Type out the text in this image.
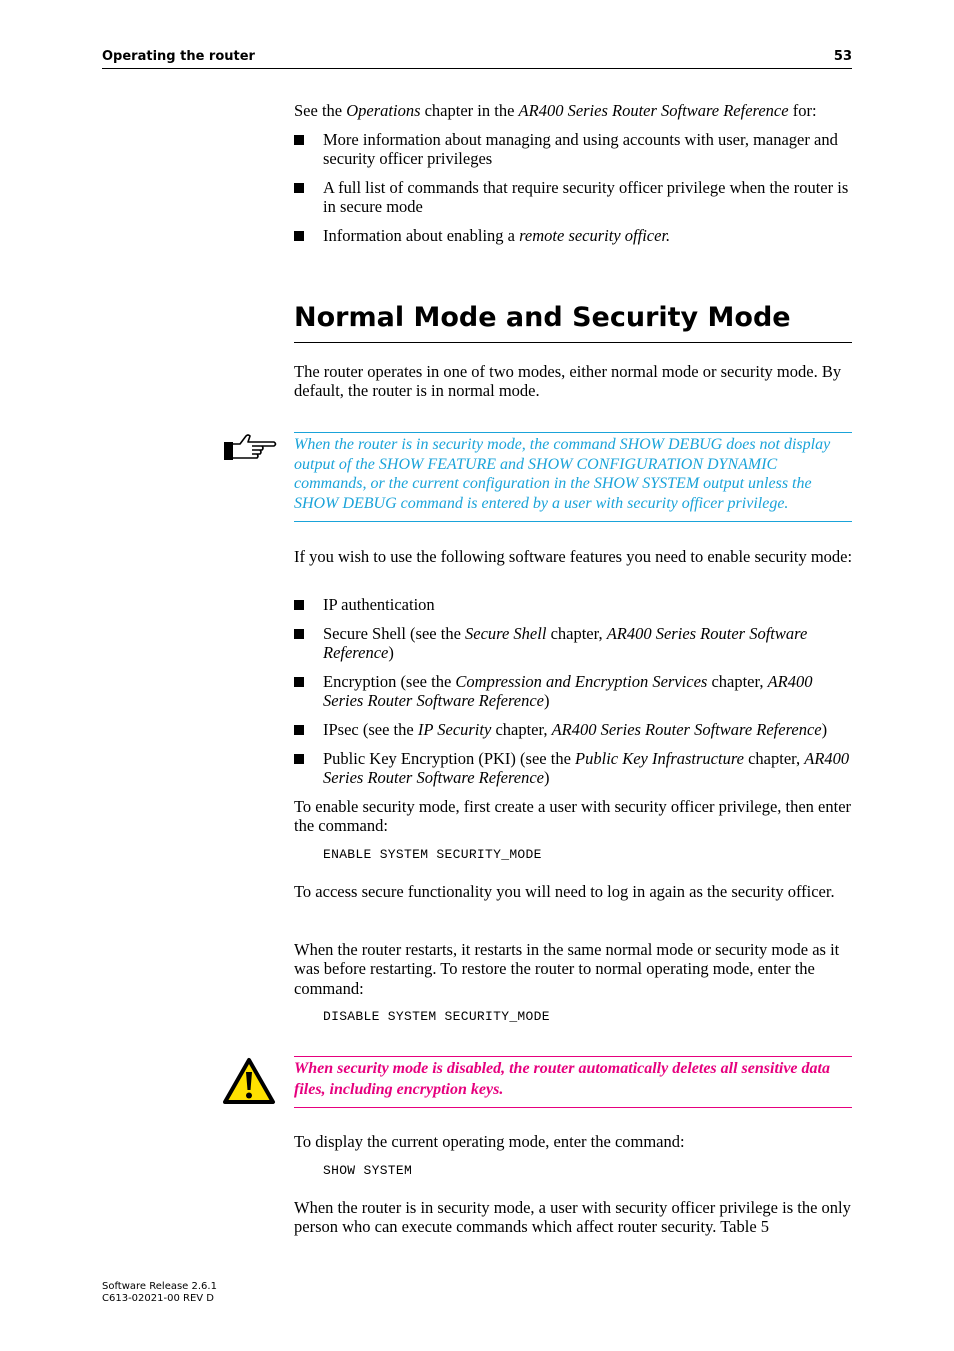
Operating the router	53
See the Operations chapter in the AR400 Series Router Software Reference for:
More information about managing and using accounts with user, manager and security officer privileges
A full list of commands that require security officer privilege when the router is in secure mode
Information about enabling a remote security officer.
Normal Mode and Security Mode
The router operates in one of two modes, either normal mode or security mode. By default, the router is in normal mode.
When the router is in security mode, the command SHOW DEBUG does not display output of the SHOW FEATURE and SHOW CONFIGURATION DYNAMIC commands, or the current configuration in the SHOW SYSTEM output unless the SHOW DEBUG command is entered by a user with security officer privilege.
If you wish to use the following software features you need to enable security mode:
IP authentication
Secure Shell (see the Secure Shell chapter, AR400 Series Router Software Reference)
Encryption (see the Compression and Encryption Services chapter, AR400 Series Router Software Reference)
IPsec (see the IP Security chapter, AR400 Series Router Software Reference)
Public Key Encryption (PKI) (see the Public Key Infrastructure chapter, AR400 Series Router Software Reference)
To enable security mode, first create a user with security officer privilege, then enter the command:
ENABLE SYSTEM SECURITY_MODE
To access secure functionality you will need to log in again as the security officer.
When the router restarts, it restarts in the same normal mode or security mode as it was before restarting. To restore the router to normal operating mode, enter the command:
DISABLE SYSTEM SECURITY_MODE
When security mode is disabled, the router automatically deletes all sensitive data files, including encryption keys.
To display the current operating mode, enter the command:
SHOW SYSTEM
When the router is in security mode, a user with security officer privilege is the only person who can execute commands which affect router security. Table 5
Software Release 2.6.1
C613-02021-00 REV D
